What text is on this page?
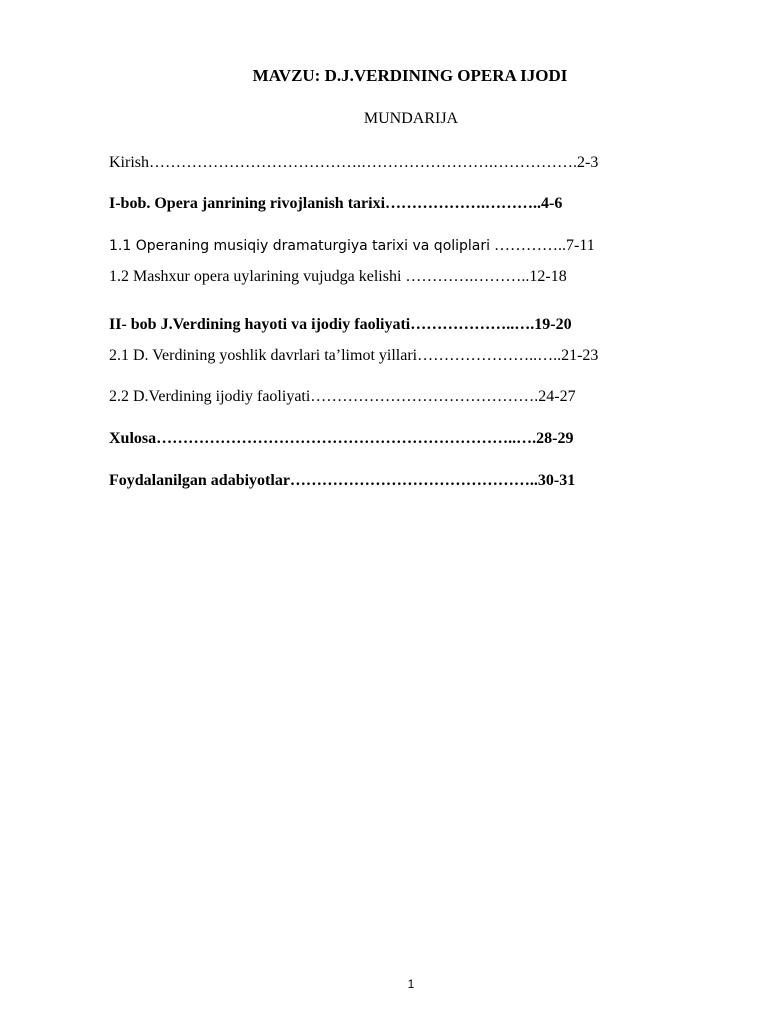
MAVZU: D.J.VERDINING OPERA IJODI
MUNDARIJA
Kirish………………………………….…………………….…………….2-3
I-bob. Opera janrining rivojlanish tarixi……………….………..4-6
1.1 Operaning musiqiy dramaturgiya tarixi va qoliplari …………..7-11
1.2 Mashxur opera uylarining vujudga kelishi ………….………..12-18
II- bob J.Verdining hayoti va ijodiy faoliyati………………..….19-20
2.1 D. Verdining yoshlik davrlari ta’limot yillari…………………..…..21-23
2.2 D.Verdining ijodiy faoliyati…………………………………….24-27
Xulosa…………………………………………………………..….28-29
Foydalanilgan adabiyotlar………………………………………..30-31
1
